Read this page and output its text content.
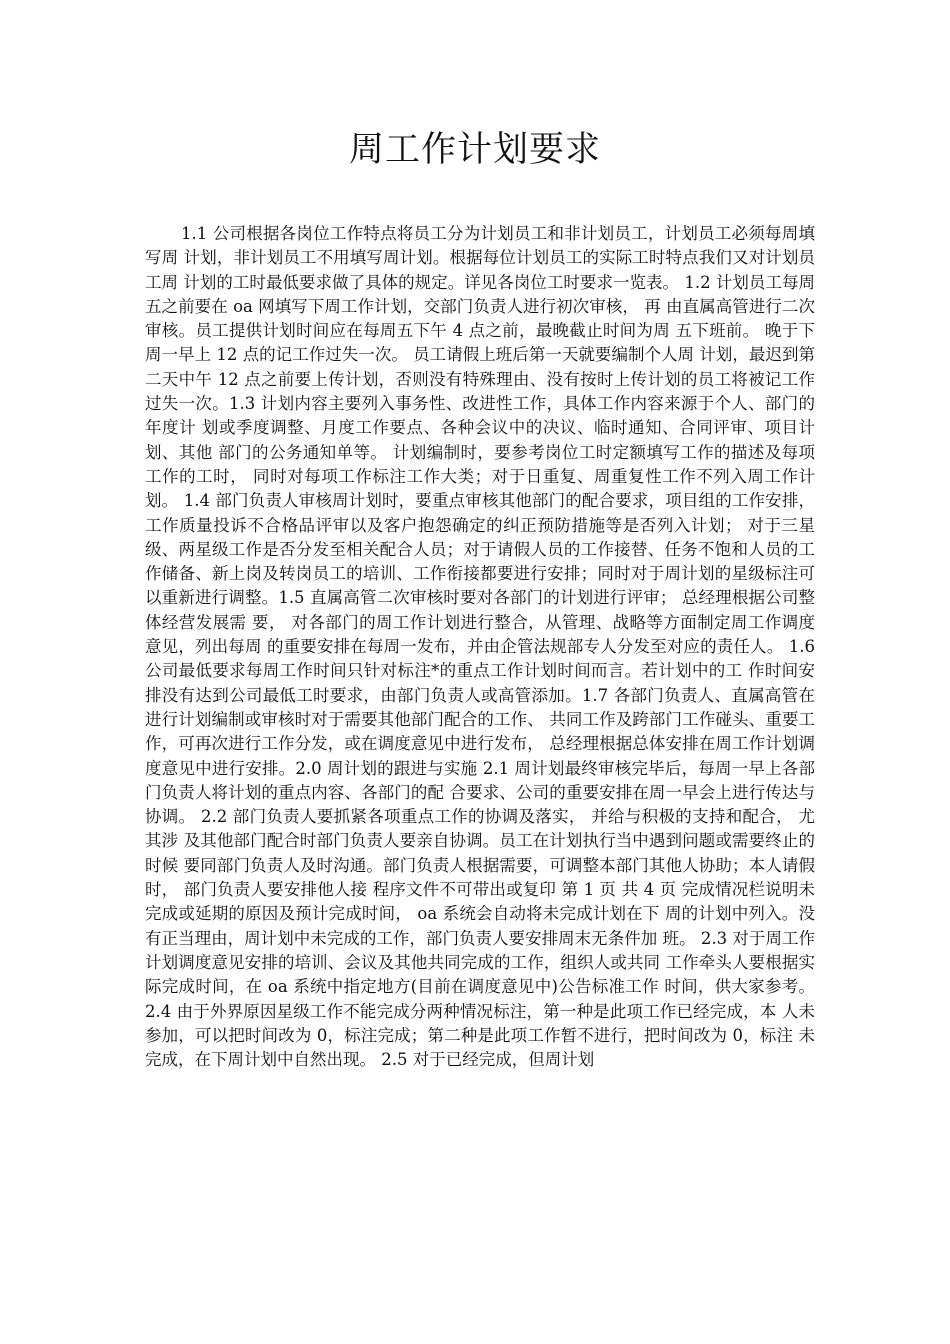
周工作计划要求

1.1 公司根据各岗位工作特点将员工分为计划员工和非计划员工，计划员工必须每周填写周 计划，非计划员工不用填写周计划。根据每位计划员工的实际工时特点我们又对计划员工周 计划的工时最低要求做了具体的规定。详见各岗位工时要求一览表。 1.2 计划员工每周五之前要在 oa 网填写下周工作计划，交部门负责人进行初次审核， 再 由直属高管进行二次审核。员工提供计划时间应在每周五下午 4 点之前，最晚截止时间为周 五下班前。 晚于下周一早上 12 点的记工作过失一次。 员工请假上班后第一天就要编制个人周 计划，最迟到第二天中午 12 点之前要上传计划，否则没有特殊理由、没有按时上传计划的员工将被记工作过失一次。1.3 计划内容主要列入事务性、改进性工作，具体工作内容来源于个人、部门的年度计 划或季度调整、月度工作要点、各种会议中的决议、临时通知、合同评审、项目计划、其他 部门的公务通知单等。 计划编制时，要参考岗位工时定额填写工作的描述及每项工作的工时， 同时对每项工作标注工作大类；对于日重复、周重复性工作不列入周工作计划。 1.4 部门负责人审核周计划时，要重点审核其他部门的配合要求，项目组的工作安排， 工作质量投诉不合格品评审以及客户抱怨确定的纠正预防措施等是否列入计划； 对于三星 级、两星级工作是否分发至相关配合人员；对于请假人员的工作接替、任务不饱和人员的工 作储备、新上岗及转岗员工的培训、工作衔接都要进行安排；同时对于周计划的星级标注可 以重新进行调整。1.5 直属高管二次审核时要对各部门的计划进行评审； 总经理根据公司整体经营发展需 要， 对各部门的周工作计划进行整合，从管理、战略等方面制定周工作调度意见，列出每周 的重要安排在每周一发布，并由企管法规部专人分发至对应的责任人。 1.6 公司最低要求每周工作时间只针对标注*的重点工作计划时间而言。若计划中的工 作时间安排没有达到公司最低工时要求，由部门负责人或高管添加。1.7 各部门负责人、直属高管在进行计划编制或审核时对于需要其他部门配合的工作、 共同工作及跨部门工作碰头、重要工作，可再次进行工作分发，或在调度意见中进行发布， 总经理根据总体安排在周工作计划调度意见中进行安排。2.0 周计划的跟进与实施 2.1 周计划最终审核完毕后，每周一早上各部门负责人将计划的重点内容、各部门的配 合要求、公司的重要安排在周一早会上进行传达与协调。 2.2 部门负责人要抓紧各项重点工作的协调及落实， 并给与积极的支持和配合， 尤其涉 及其他部门配合时部门负责人要亲自协调。员工在计划执行当中遇到问题或需要终止的时候 要同部门负责人及时沟通。部门负责人根据需要，可调整本部门其他人协助；本人请假时， 部门负责人要安排他人接 程序文件不可带出或复印 第 1 页 共 4 页 完成情况栏说明未完成或延期的原因及预计完成时间， oa 系统会自动将未完成计划在下 周的计划中列入。没有正当理由，周计划中未完成的工作，部门负责人要安排周末无条件加 班。 2.3 对于周工作计划调度意见安排的培训、会议及其他共同完成的工作，组织人或共同 工作牵头人要根据实际完成时间，在 oa 系统中指定地方(目前在调度意见中)公告标准工作 时间，供大家参考。2.4 由于外界原因星级工作不能完成分两种情况标注，第一种是此项工作已经完成，本 人未参加，可以把时间改为 0，标注完成；第二种是此项工作暂不进行，把时间改为 0，标注 未完成，在下周计划中自然出现。 2.5 对于已经完成，但周计划
